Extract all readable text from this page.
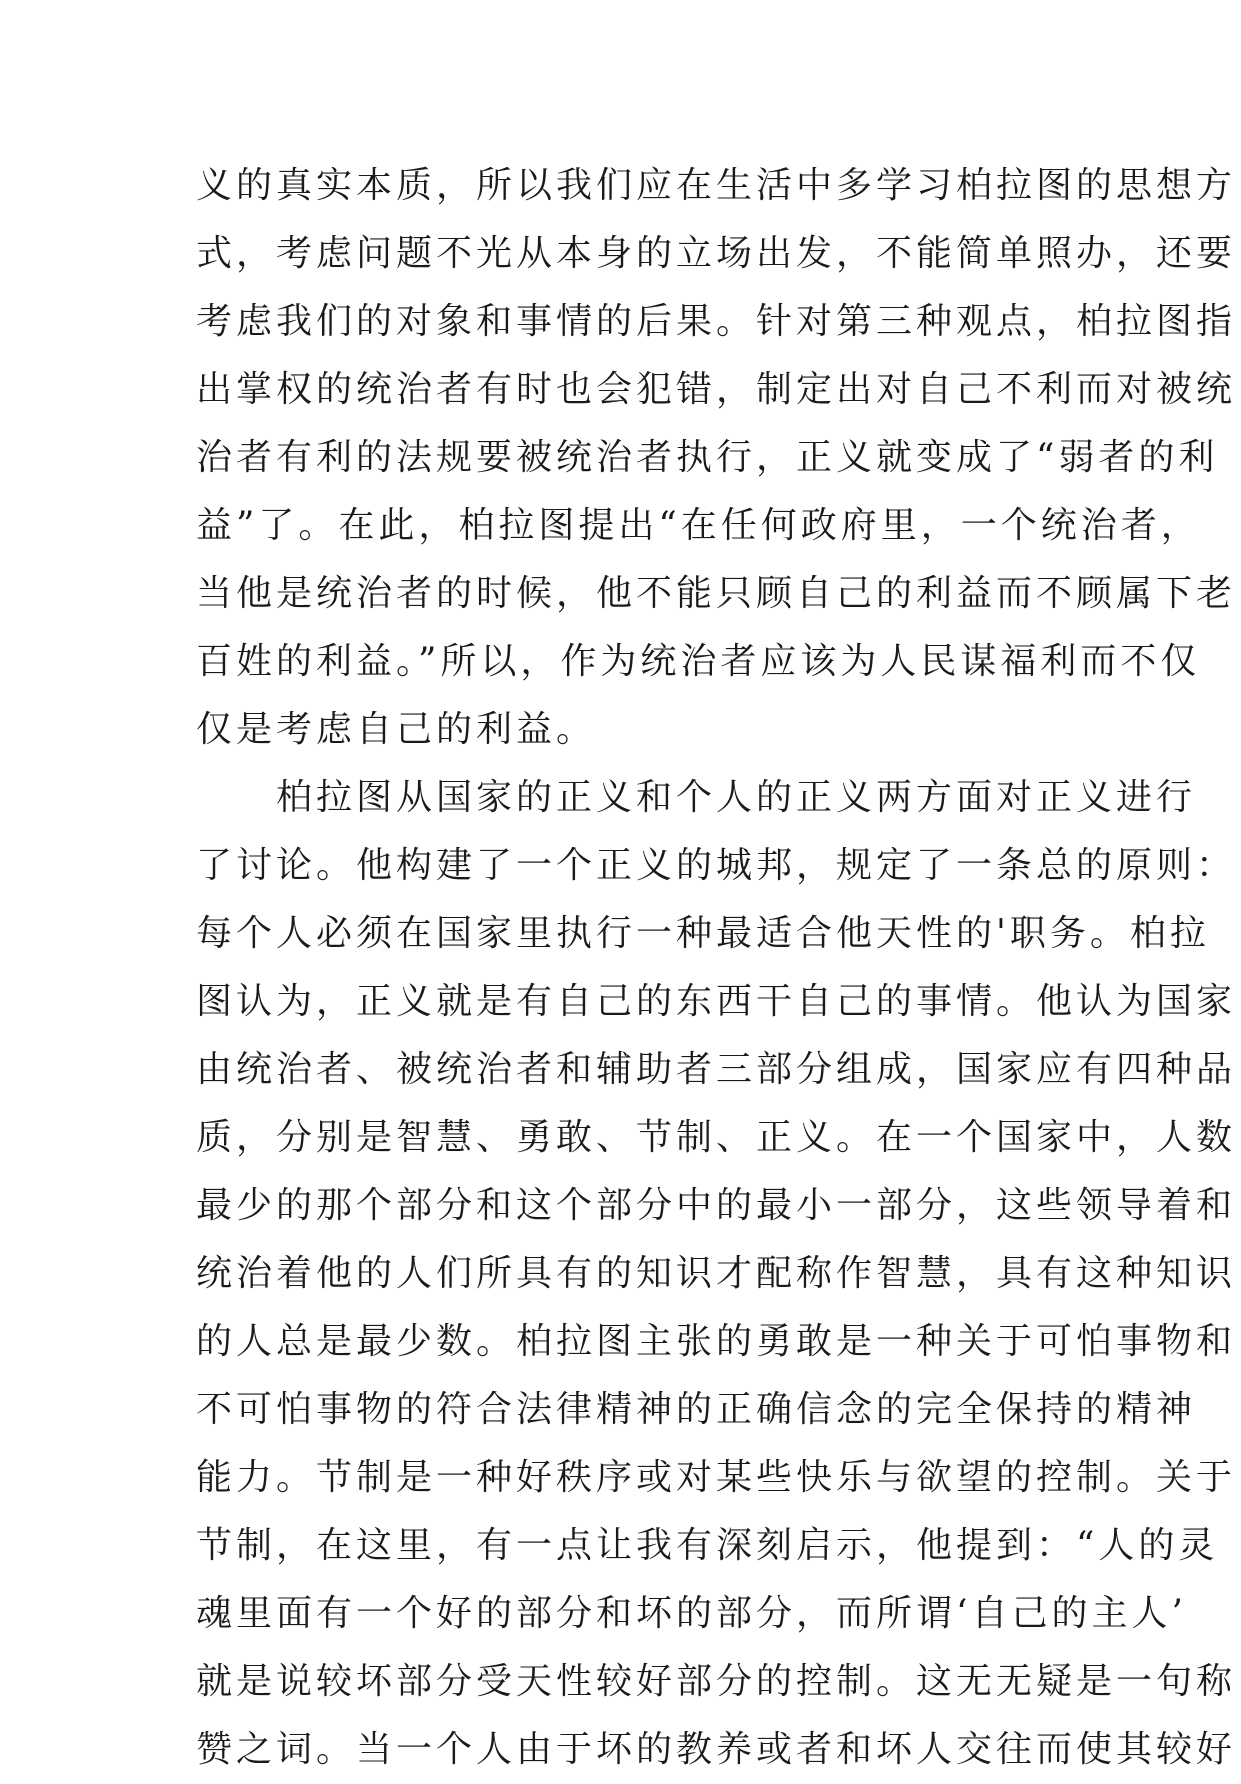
义的真实本质，所以我们应在生活中多学习柏拉图的思想方
式，考虑问题不光从本身的立场出发，不能简单照办，还要
考虑我们的对象和事情的后果。针对第三种观点，柏拉图指
出掌权的统治者有时也会犯错，制定出对自己不利而对被统
治者有利的法规要被统治者执行，正义就变成了“弱者的利
益”了。在此，柏拉图提出“在任何政府里，一个统治者，
当他是统治者的时候，他不能只顾自己的利益而不顾属下老
百姓的利益。”所以，作为统治者应该为人民谋福利而不仅
仅是考虑自己的利益。
柏拉图从国家的正义和个人的正义两方面对正义进行
了讨论。他构建了一个正义的城邦，规定了一条总的原则：
每个人必须在国家里执行一种最适合他天性的'职务。柏拉
图认为，正义就是有自己的东西干自己的事情。他认为国家
由统治者、被统治者和辅助者三部分组成，国家应有四种品
质，分别是智慧、勇敢、节制、正义。在一个国家中，人数
最少的那个部分和这个部分中的最小一部分，这些领导着和
统治着他的人们所具有的知识才配称作智慧，具有这种知识
的人总是最少数。柏拉图主张的勇敢是一种关于可怕事物和
不可怕事物的符合法律精神的正确信念的完全保持的精神
能力。节制是一种好秩序或对某些快乐与欲望的控制。关于
节制，在这里，有一点让我有深刻启示，他提到：“人的灵
魂里面有一个好的部分和坏的部分，而所谓‘自己的主人’
就是说较坏部分受天性较好部分的控制。这无无疑是一句称
赞之词。当一个人由于坏的教养或者和坏人交往而使其较好
